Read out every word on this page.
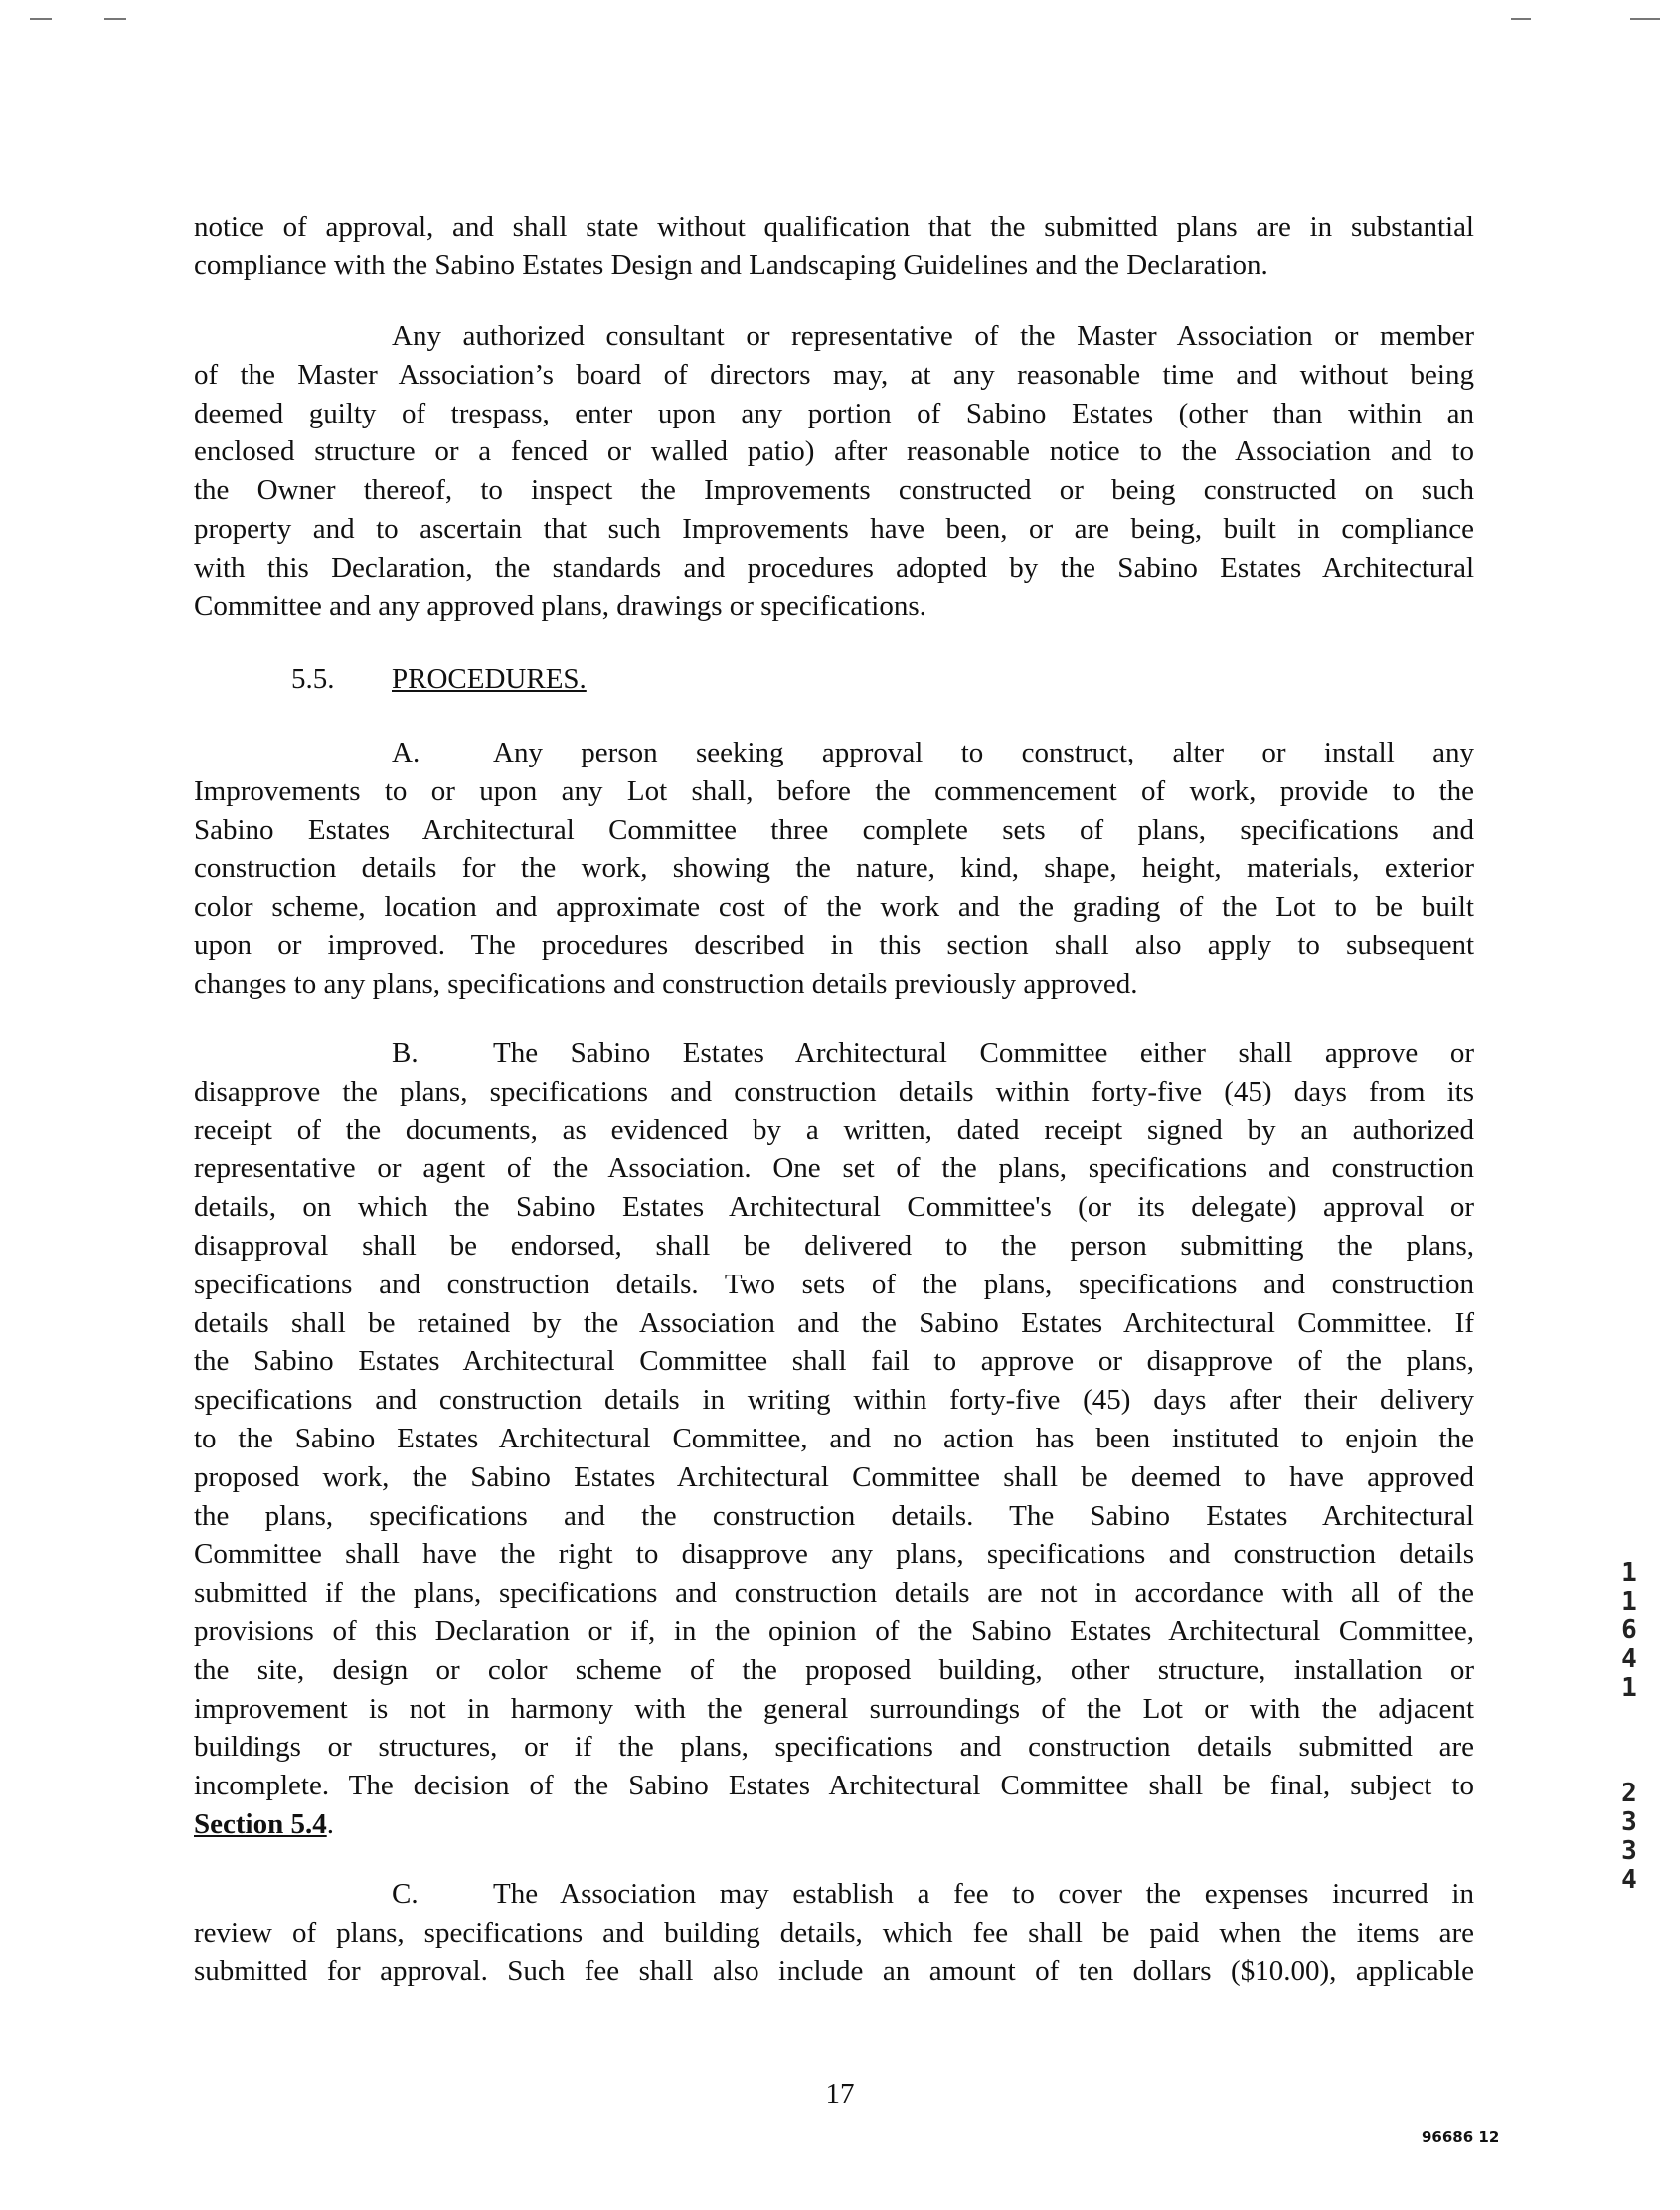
notice of approval, and shall state without qualification that the submitted plans are in substantial
compliance with the Sabino Estates Design and Landscaping Guidelines and the Declaration.
Any authorized consultant or representative of the Master Association or member
of the Master Association’s board of directors may, at any reasonable time and without being
deemed guilty of trespass, enter upon any portion of Sabino Estates (other than within an
enclosed structure or a fenced or walled patio) after reasonable notice to the Association and to
the Owner thereof, to inspect the Improvements constructed or being constructed on such
property and to ascertain that such Improvements have been, or are being, built in compliance
with this Declaration, the standards and procedures adopted by the Sabino Estates Architectural
Committee and any approved plans, drawings or specifications.
5.5. PROCEDURES.
A.	Any person seeking approval to construct, alter or install any
Improvements to or upon any Lot shall, before the commencement of work, provide to the
Sabino Estates Architectural Committee three complete sets of plans, specifications and
construction details for the work, showing the nature, kind, shape, height, materials, exterior
color scheme, location and approximate cost of the work and the grading of the Lot to be built
upon or improved. The procedures described in this section shall also apply to subsequent
changes to any plans, specifications and construction details previously approved.
B.	The Sabino Estates Architectural Committee either shall approve or
disapprove the plans, specifications and construction details within forty-five (45) days from its
receipt of the documents, as evidenced by a written, dated receipt signed by an authorized
representative or agent of the Association. One set of the plans, specifications and construction
details, on which the Sabino Estates Architectural Committee's (or its delegate) approval or
disapproval shall be endorsed, shall be delivered to the person submitting the plans,
specifications and construction details. Two sets of the plans, specifications and construction
details shall be retained by the Association and the Sabino Estates Architectural Committee. If
the Sabino Estates Architectural Committee shall fail to approve or disapprove of the plans,
specifications and construction details in writing within forty-five (45) days after their delivery
to the Sabino Estates Architectural Committee, and no action has been instituted to enjoin the
proposed work, the Sabino Estates Architectural Committee shall be deemed to have approved
the plans, specifications and the construction details. The Sabino Estates Architectural
Committee shall have the right to disapprove any plans, specifications and construction details
submitted if the plans, specifications and construction details are not in accordance with all of the
provisions of this Declaration or if, in the opinion of the Sabino Estates Architectural Committee,
the site, design or color scheme of the proposed building, other structure, installation or
improvement is not in harmony with the general surroundings of the Lot or with the adjacent
buildings or structures, or if the plans, specifications and construction details submitted are
incomplete. The decision of the Sabino Estates Architectural Committee shall be final, subject to
Section 5.4.
C.	The Association may establish a fee to cover the expenses incurred in
review of plans, specifications and building details, which fee shall be paid when the items are
submitted for approval. Such fee shall also include an amount of ten dollars ($10.00), applicable
17
96686 12
1
1
6
4
1
2
3
3
4
